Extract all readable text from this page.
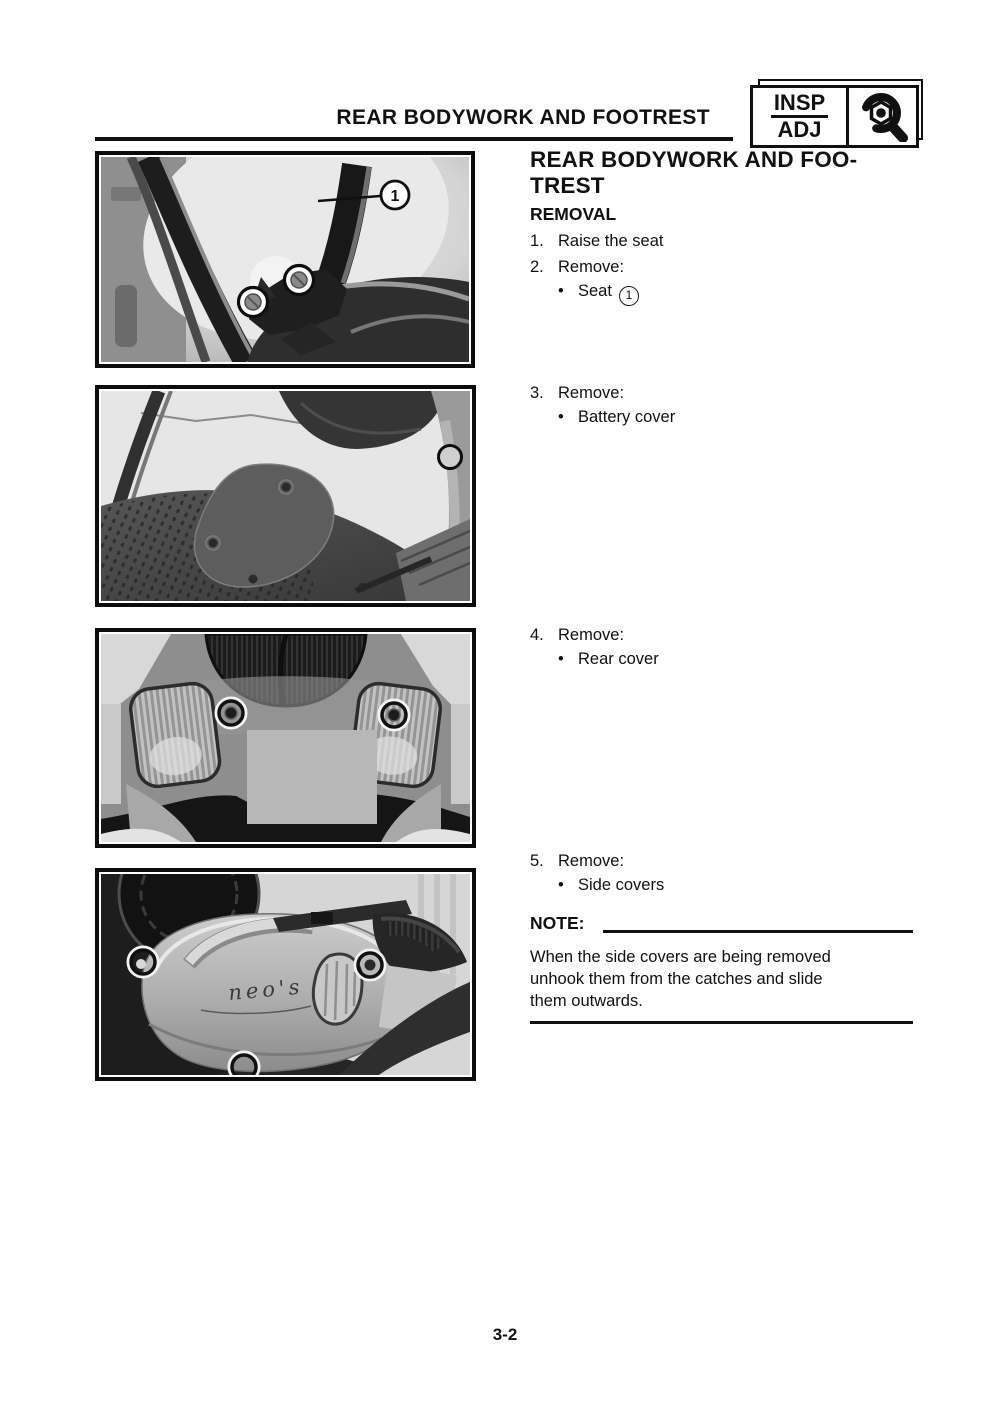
REAR BODYWORK AND FOOTREST
INSP
ADJ
1
neo's
REAR BODYWORK AND FOO-
TREST
REMOVAL
1. Raise the seat
2. Remove:
• Seat	1
3. Remove:
• Battery cover
4. Remove:
• Rear cover
5. Remove:
• Side covers
NOTE:
When the side covers are being removed
unhook them from the catches and slide
them outwards.
3-2
